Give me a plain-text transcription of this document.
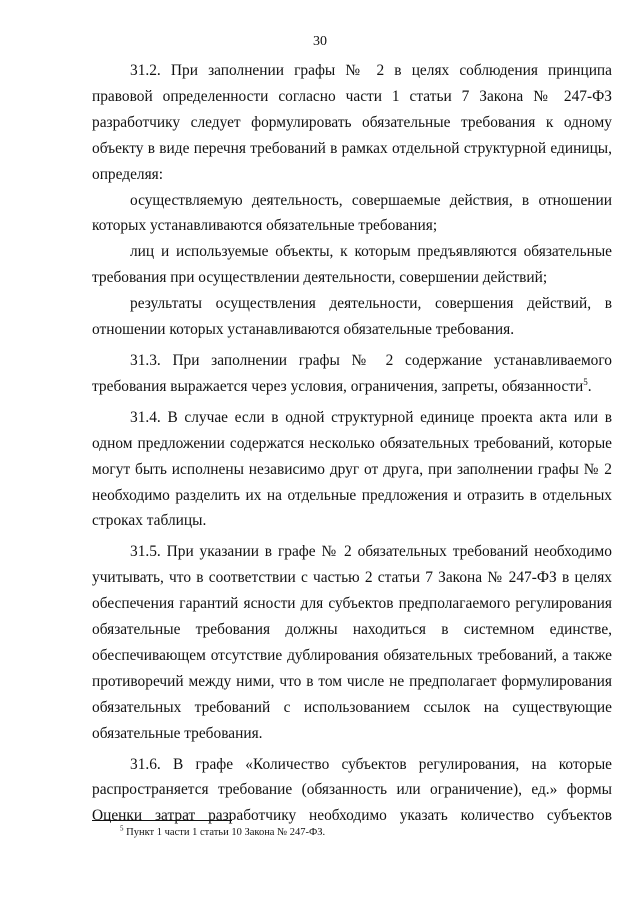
30

31.2. При заполнении графы № 2 в целях соблюдения принципа правовой определенности согласно части 1 статьи 7 Закона № 247-ФЗ разработчику следует формулировать обязательные требования к одному объекту в виде перечня требований в рамках отдельной структурной единицы, определяя:

осуществляемую деятельность, совершаемые действия, в отношении которых устанавливаются обязательные требования;

лиц и используемые объекты, к которым предъявляются обязательные требования при осуществлении деятельности, совершении действий;

результаты осуществления деятельности, совершения действий, в отношении которых устанавливаются обязательные требования.

31.3. При заполнении графы № 2 содержание устанавливаемого требования выражается через условия, ограничения, запреты, обязанности$^5$.

31.4. В случае если в одной структурной единице проекта акта или в одном предложении содержатся несколько обязательных требований, которые могут быть исполнены независимо друг от друга, при заполнении графы № 2 необходимо разделить их на отдельные предложения и отразить в отдельных строках таблицы.

31.5. При указании в графе № 2 обязательных требований необходимо учитывать, что в соответствии с частью 2 статьи 7 Закона № 247-ФЗ в целях обеспечения гарантий ясности для субъектов предполагаемого регулирования обязательные требования должны находиться в системном единстве, обеспечивающем отсутствие дублирования обязательных требований, а также противоречий между ними, что в том числе не предполагает формулирования обязательных требований с использованием ссылок на существующие обязательные требования.

31.6. В графе «Количество субъектов регулирования, на которые распространяется требование (обязанность или ограничение), ед.» формы Оценки затрат разработчику необходимо указать количество субъектов

$^5$ Пункт 1 части 1 статьи 10 Закона № 247-ФЗ.
